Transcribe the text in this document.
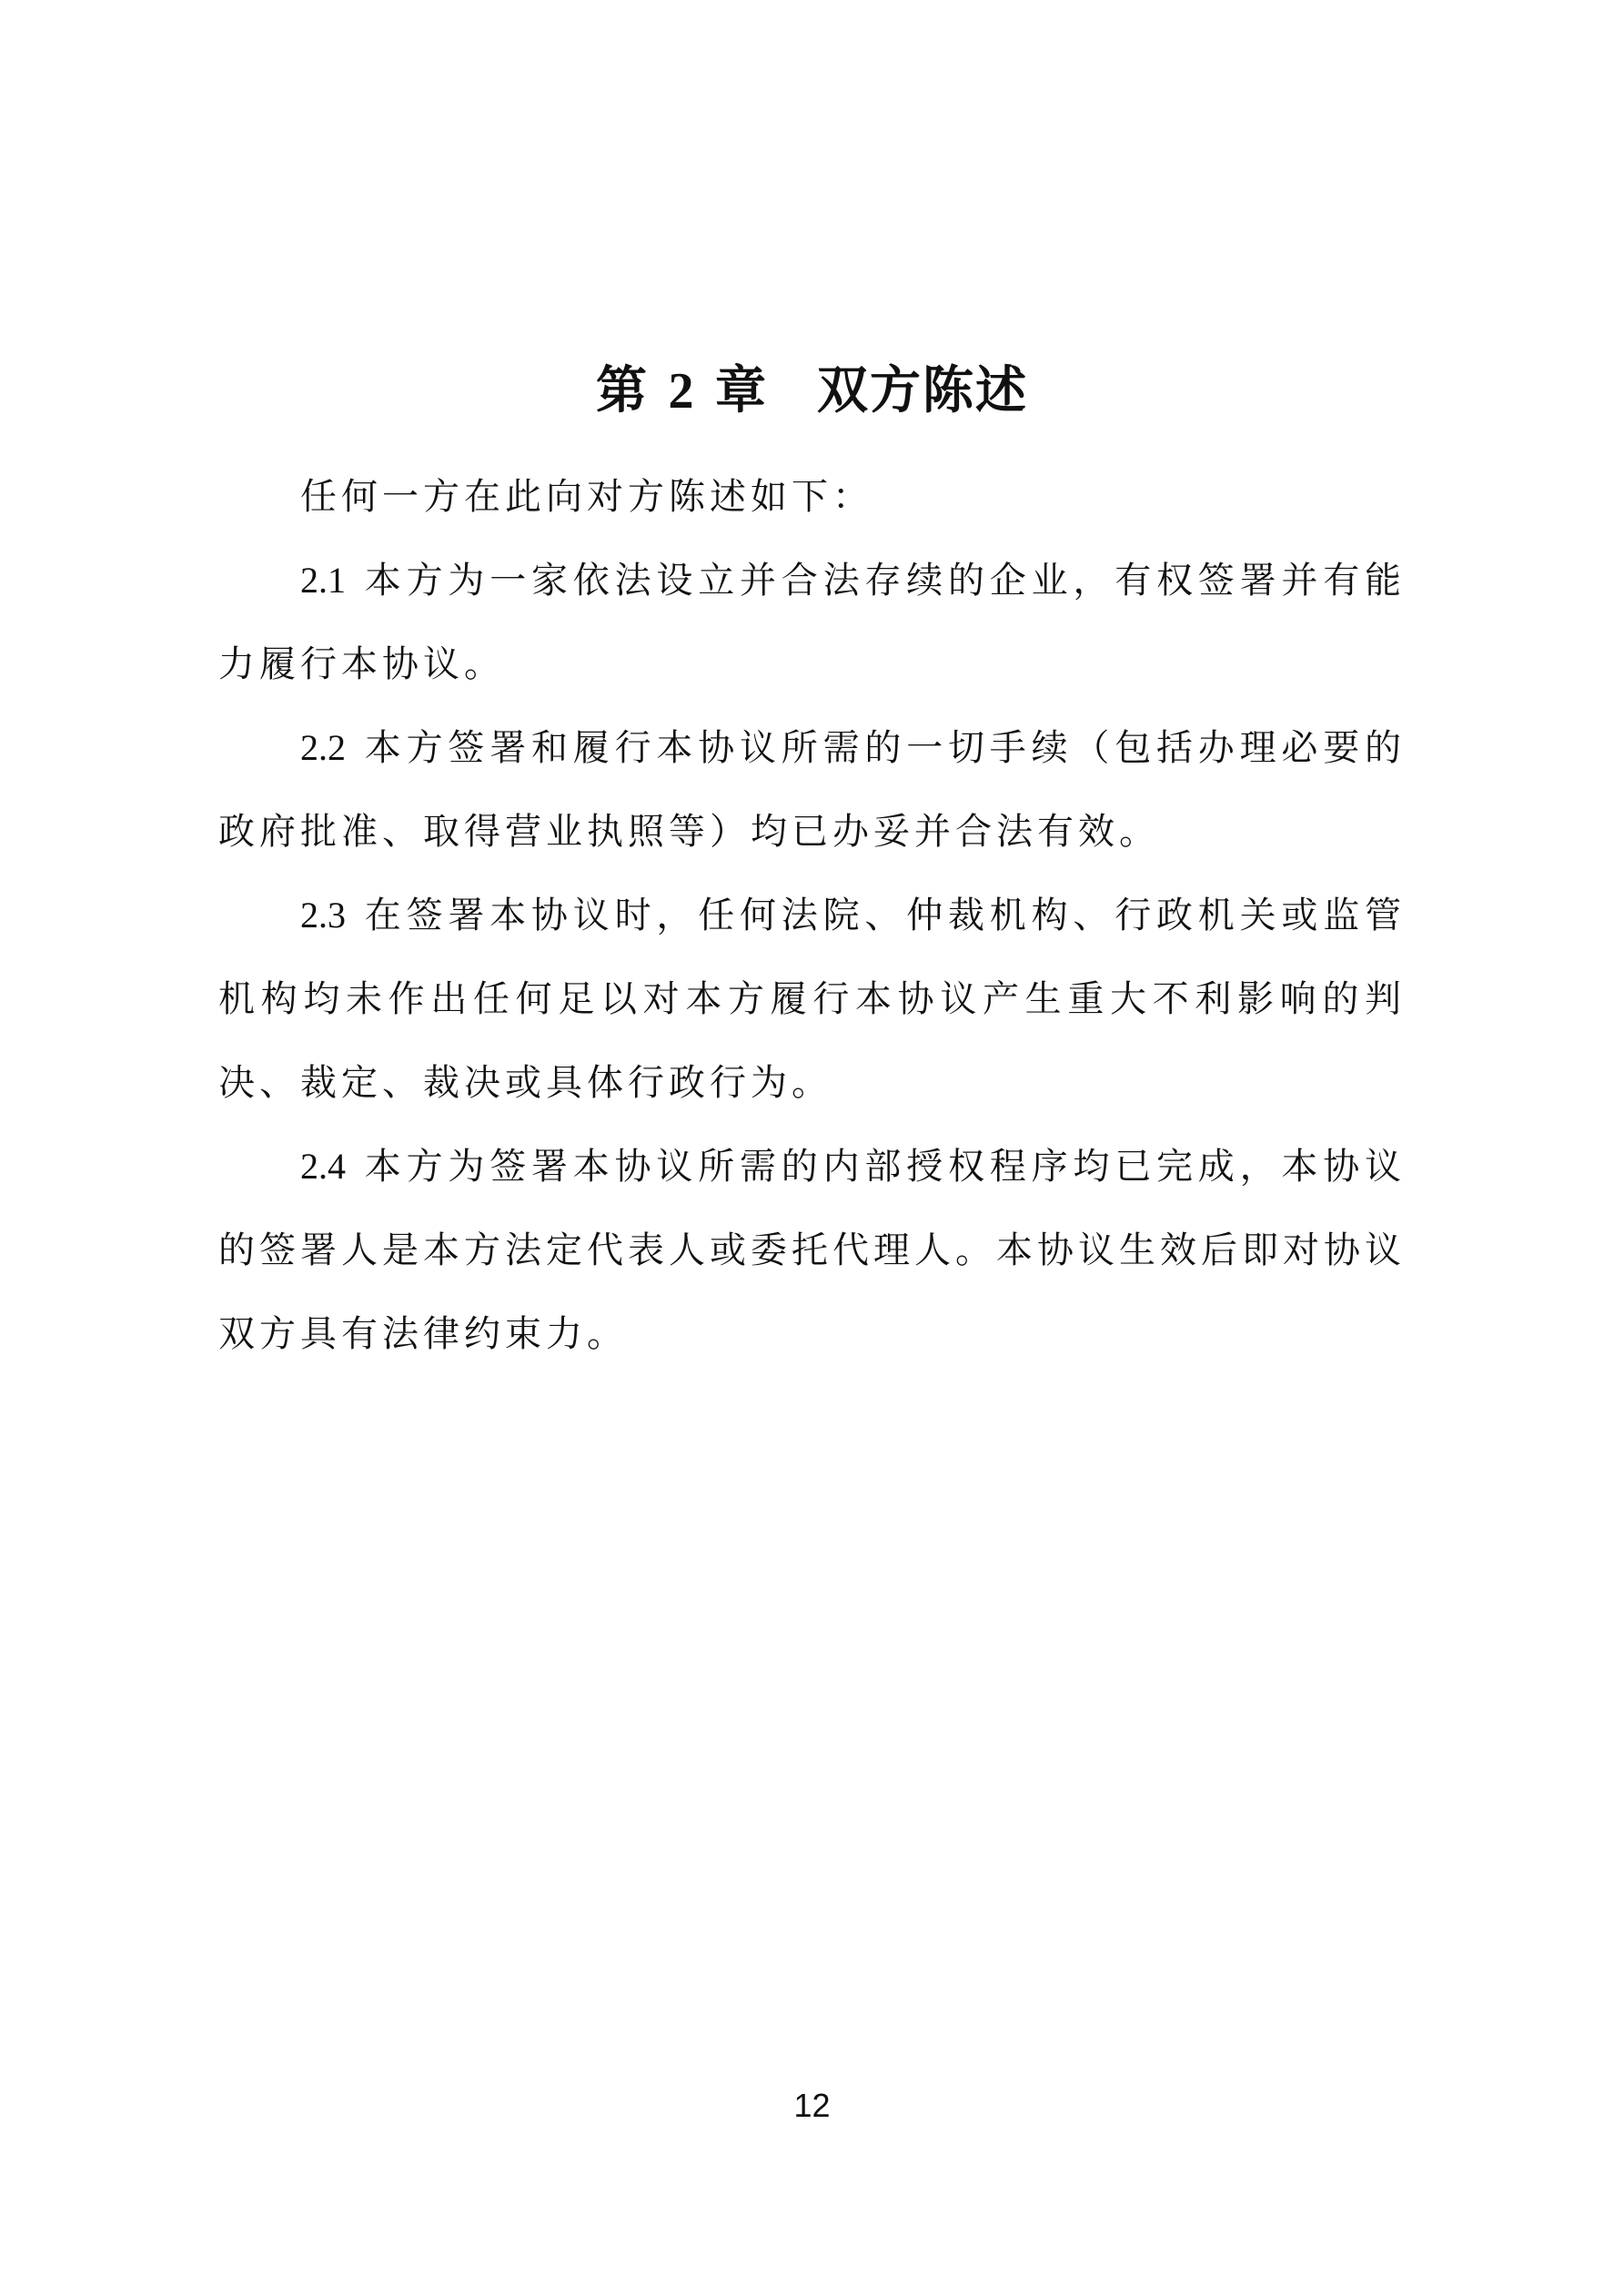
第 2 章 双方陈述

任何一方在此向对方陈述如下：

2.1 本方为一家依法设立并合法存续的企业，有权签署并有能力履行本协议。

2.2 本方签署和履行本协议所需的一切手续（包括办理必要的政府批准、取得营业执照等）均已办妥并合法有效。

2.3 在签署本协议时，任何法院、仲裁机构、行政机关或监管机构均未作出任何足以对本方履行本协议产生重大不利影响的判决、裁定、裁决或具体行政行为。

2.4 本方为签署本协议所需的内部授权程序均已完成，本协议的签署人是本方法定代表人或委托代理人。本协议生效后即对协议双方具有法律约束力。

12
